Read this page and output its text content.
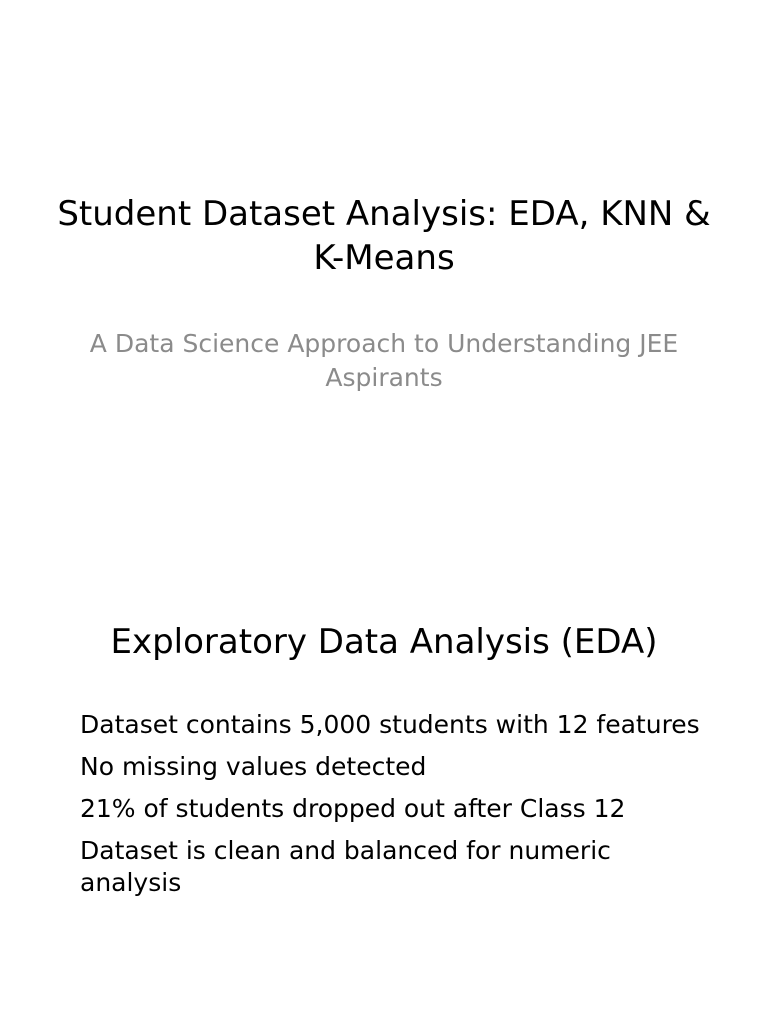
Student Dataset Analysis: EDA, KNN & K-Means
A Data Science Approach to Understanding JEE Aspirants
Exploratory Data Analysis (EDA)
Dataset contains 5,000 students with 12 features
No missing values detected
21% of students dropped out after Class 12
Dataset is clean and balanced for numeric analysis
